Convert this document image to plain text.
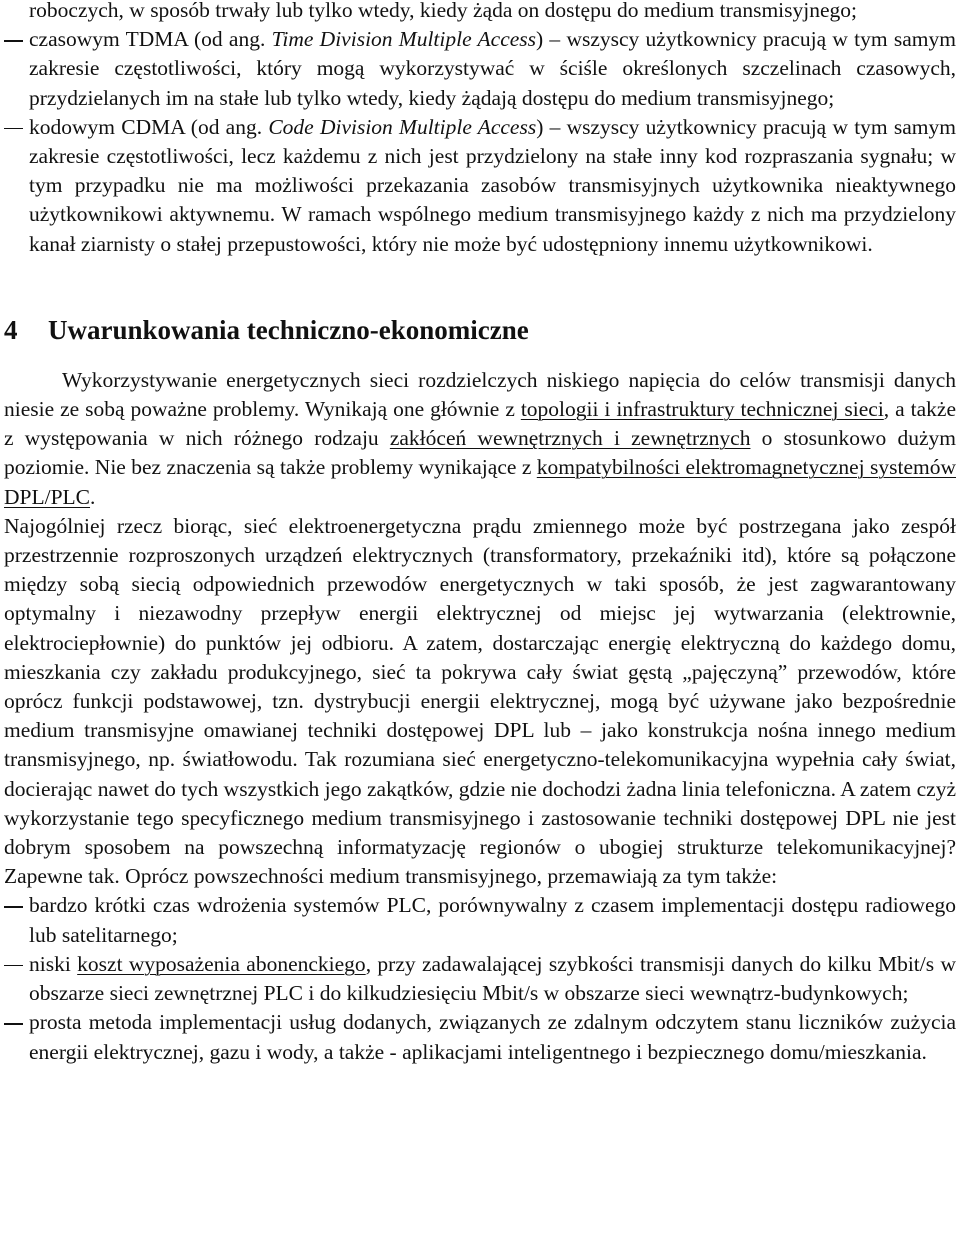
roboczych, w sposób trwały lub tylko wtedy, kiedy żąda on dostępu do medium transmisyjnego;

czasowym TDMA (od ang. Time Division Multiple Access) – wszyscy użytkownicy pracują w tym samym zakresie częstotliwości, który mogą wykorzystywać w ściśle określonych szczelinach czasowych, przydzielanych im na stałe lub tylko wtedy, kiedy żądają dostępu do medium transmisyjnego;
kodowym CDMA (od ang. Code Division Multiple Access) – wszyscy użytkownicy pracują w tym samym zakresie częstotliwości, lecz każdemu z nich jest przydzielony na stałe inny kod rozpraszania sygnału; w tym przypadku nie ma możliwości przekazania zasobów transmisyjnych użytkownika nieaktywnego użytkownikowi aktywnemu. W ramach wspólnego medium transmisyjnego każdy z nich ma przydzielony kanał ziarnisty o stałej przepustowości, który nie może być udostępniony innemu użytkownikowi.
4 Uwarunkowania techniczno-ekonomiczne

Wykorzystywanie energetycznych sieci rozdzielczych niskiego napięcia do celów transmisji danych niesie ze sobą poważne problemy. Wynikają one głównie z topologii i infrastruktury technicznej sieci, a także z występowania w nich różnego rodzaju zakłóceń wewnętrznych i zewnętrznych o stosunkowo dużym poziomie. Nie bez znaczenia są także problemy wynikające z kompatybilności elektromagnetycznej systemów DPL/PLC.

Najogólniej rzecz biorąc, sieć elektroenergetyczna prądu zmiennego może być postrzegana jako zespół przestrzennie rozproszonych urządzeń elektrycznych (transformatory, przekaźniki itd), które są połączone między sobą siecią odpowiednich przewodów energetycznych w taki sposób, że jest zagwarantowany optymalny i niezawodny przepływ energii elektrycznej od miejsc jej wytwarzania (elektrownie, elektrociepłownie) do punktów jej odbioru. A zatem, dostarczając energię elektryczną do każdego domu, mieszkania czy zakładu produkcyjnego, sieć ta pokrywa cały świat gęstą „pajęczyną” przewodów, które oprócz funkcji podstawowej, tzn. dystrybucji energii elektrycznej, mogą być używane jako bezpośrednie medium transmisyjne omawianej techniki dostępowej DPL lub – jako konstrukcja nośna innego medium transmisyjnego, np. światłowodu. Tak rozumiana sieć energetyczno-telekomunikacyjna wypełnia cały świat, docierając nawet do tych wszystkich jego zakątków, gdzie nie dochodzi żadna linia telefoniczna. A zatem czyż wykorzystanie tego specyficznego medium transmisyjnego i zastosowanie techniki dostępowej DPL nie jest dobrym sposobem na powszechną informatyzację regionów o ubogiej strukturze telekomunikacyjnej? Zapewne tak. Oprócz powszechności medium transmisyjnego, przemawiają za tym także:

bardzo krótki czas wdrożenia systemów PLC, porównywalny z czasem implementacji dostępu radiowego lub satelitarnego;
niski koszt wyposażenia abonenckiego, przy zadawalającej szybkości transmisji danych do kilku Mbit/s w obszarze sieci zewnętrznej PLC i do kilkudziesięciu Mbit/s w obszarze sieci wewnątrz-budynkowych;
prosta metoda implementacji usług dodanych, związanych ze zdalnym odczytem stanu liczników zużycia energii elektrycznej, gazu i wody, a także - aplikacjami inteligentnego i bezpiecznego domu/mieszkania.
